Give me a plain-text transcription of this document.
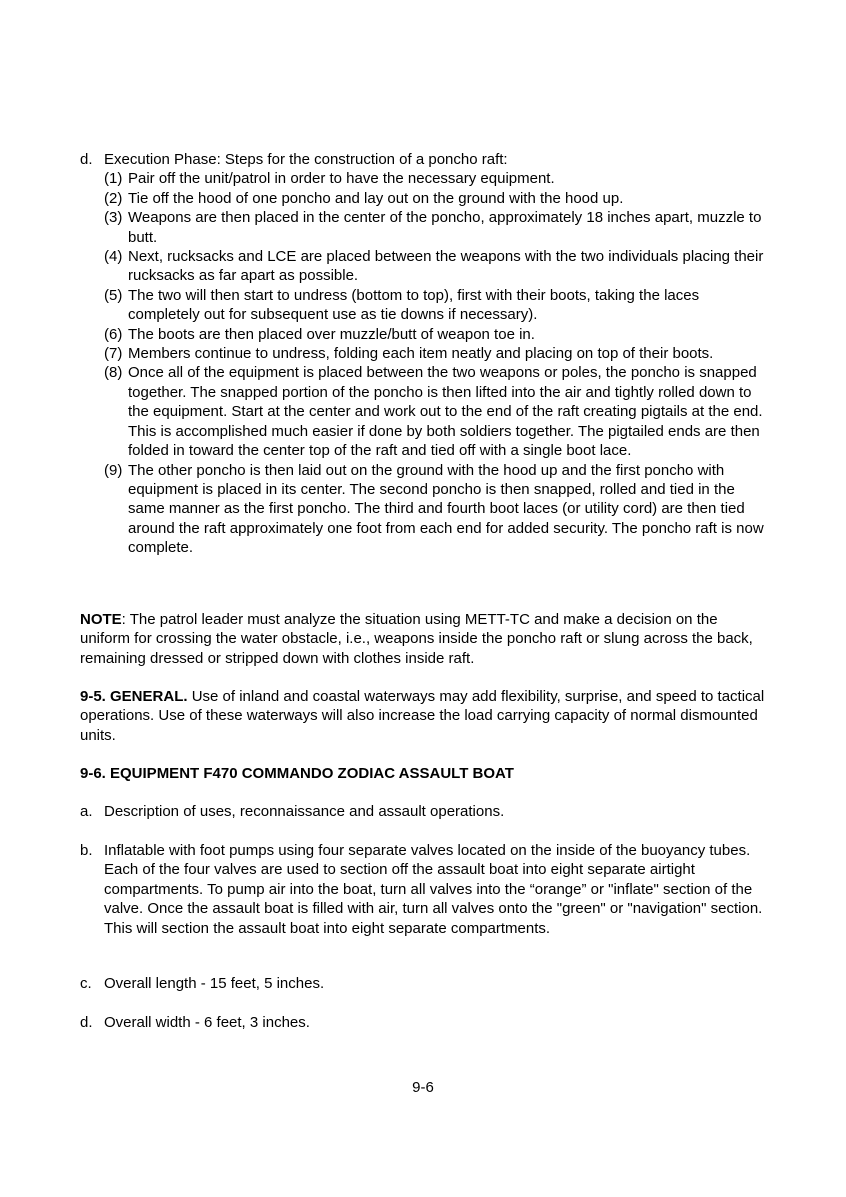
d. Execution Phase: Steps for the construction of a poncho raft:
(1) Pair off the unit/patrol in order to have the necessary equipment.
(2) Tie off the hood of one poncho and lay out on the ground with the hood up.
(3) Weapons are then placed in the center of the poncho, approximately 18 inches apart, muzzle to butt.
(4) Next, rucksacks and LCE are placed between the weapons with the two individuals placing their rucksacks as far apart as possible.
(5) The two will then start to undress (bottom to top), first with their boots, taking the laces completely out for subsequent use as tie downs if necessary).
(6) The boots are then placed over muzzle/butt of weapon toe in.
(7) Members continue to undress, folding each item neatly and placing on top of their boots.
(8) Once all of the equipment is placed between the two weapons or poles, the poncho is snapped together. The snapped portion of the poncho is then lifted into the air and tightly rolled down to the equipment. Start at the center and work out to the end of the raft creating pigtails at the end. This is accomplished much easier if done by both soldiers together. The pigtailed ends are then folded in toward the center top of the raft and tied off with a single boot lace.
(9) The other poncho is then laid out on the ground with the hood up and the first poncho with equipment is placed in its center. The second poncho is then snapped, rolled and tied in the same manner as the first poncho. The third and fourth boot laces (or utility cord) are then tied around the raft approximately one foot from each end for added security. The poncho raft is now complete.
NOTE: The patrol leader must analyze the situation using METT-TC and make a decision on the uniform for crossing the water obstacle, i.e., weapons inside the poncho raft or slung across the back, remaining dressed or stripped down with clothes inside raft.
9-5. GENERAL. Use of inland and coastal waterways may add flexibility, surprise, and speed to tactical operations. Use of these waterways will also increase the load carrying capacity of normal dismounted units.
9-6. EQUIPMENT F470 COMMANDO ZODIAC ASSAULT BOAT
a. Description of uses, reconnaissance and assault operations.
b. Inflatable with foot pumps using four separate valves located on the inside of the buoyancy tubes. Each of the four valves are used to section off the assault boat into eight separate airtight compartments. To pump air into the boat, turn all valves into the “orange” or "inflate" section of the valve. Once the assault boat is filled with air, turn all valves onto the "green" or "navigation" section. This will section the assault boat into eight separate compartments.
c. Overall length - 15 feet, 5 inches.
d. Overall width - 6 feet, 3 inches.
9-6
